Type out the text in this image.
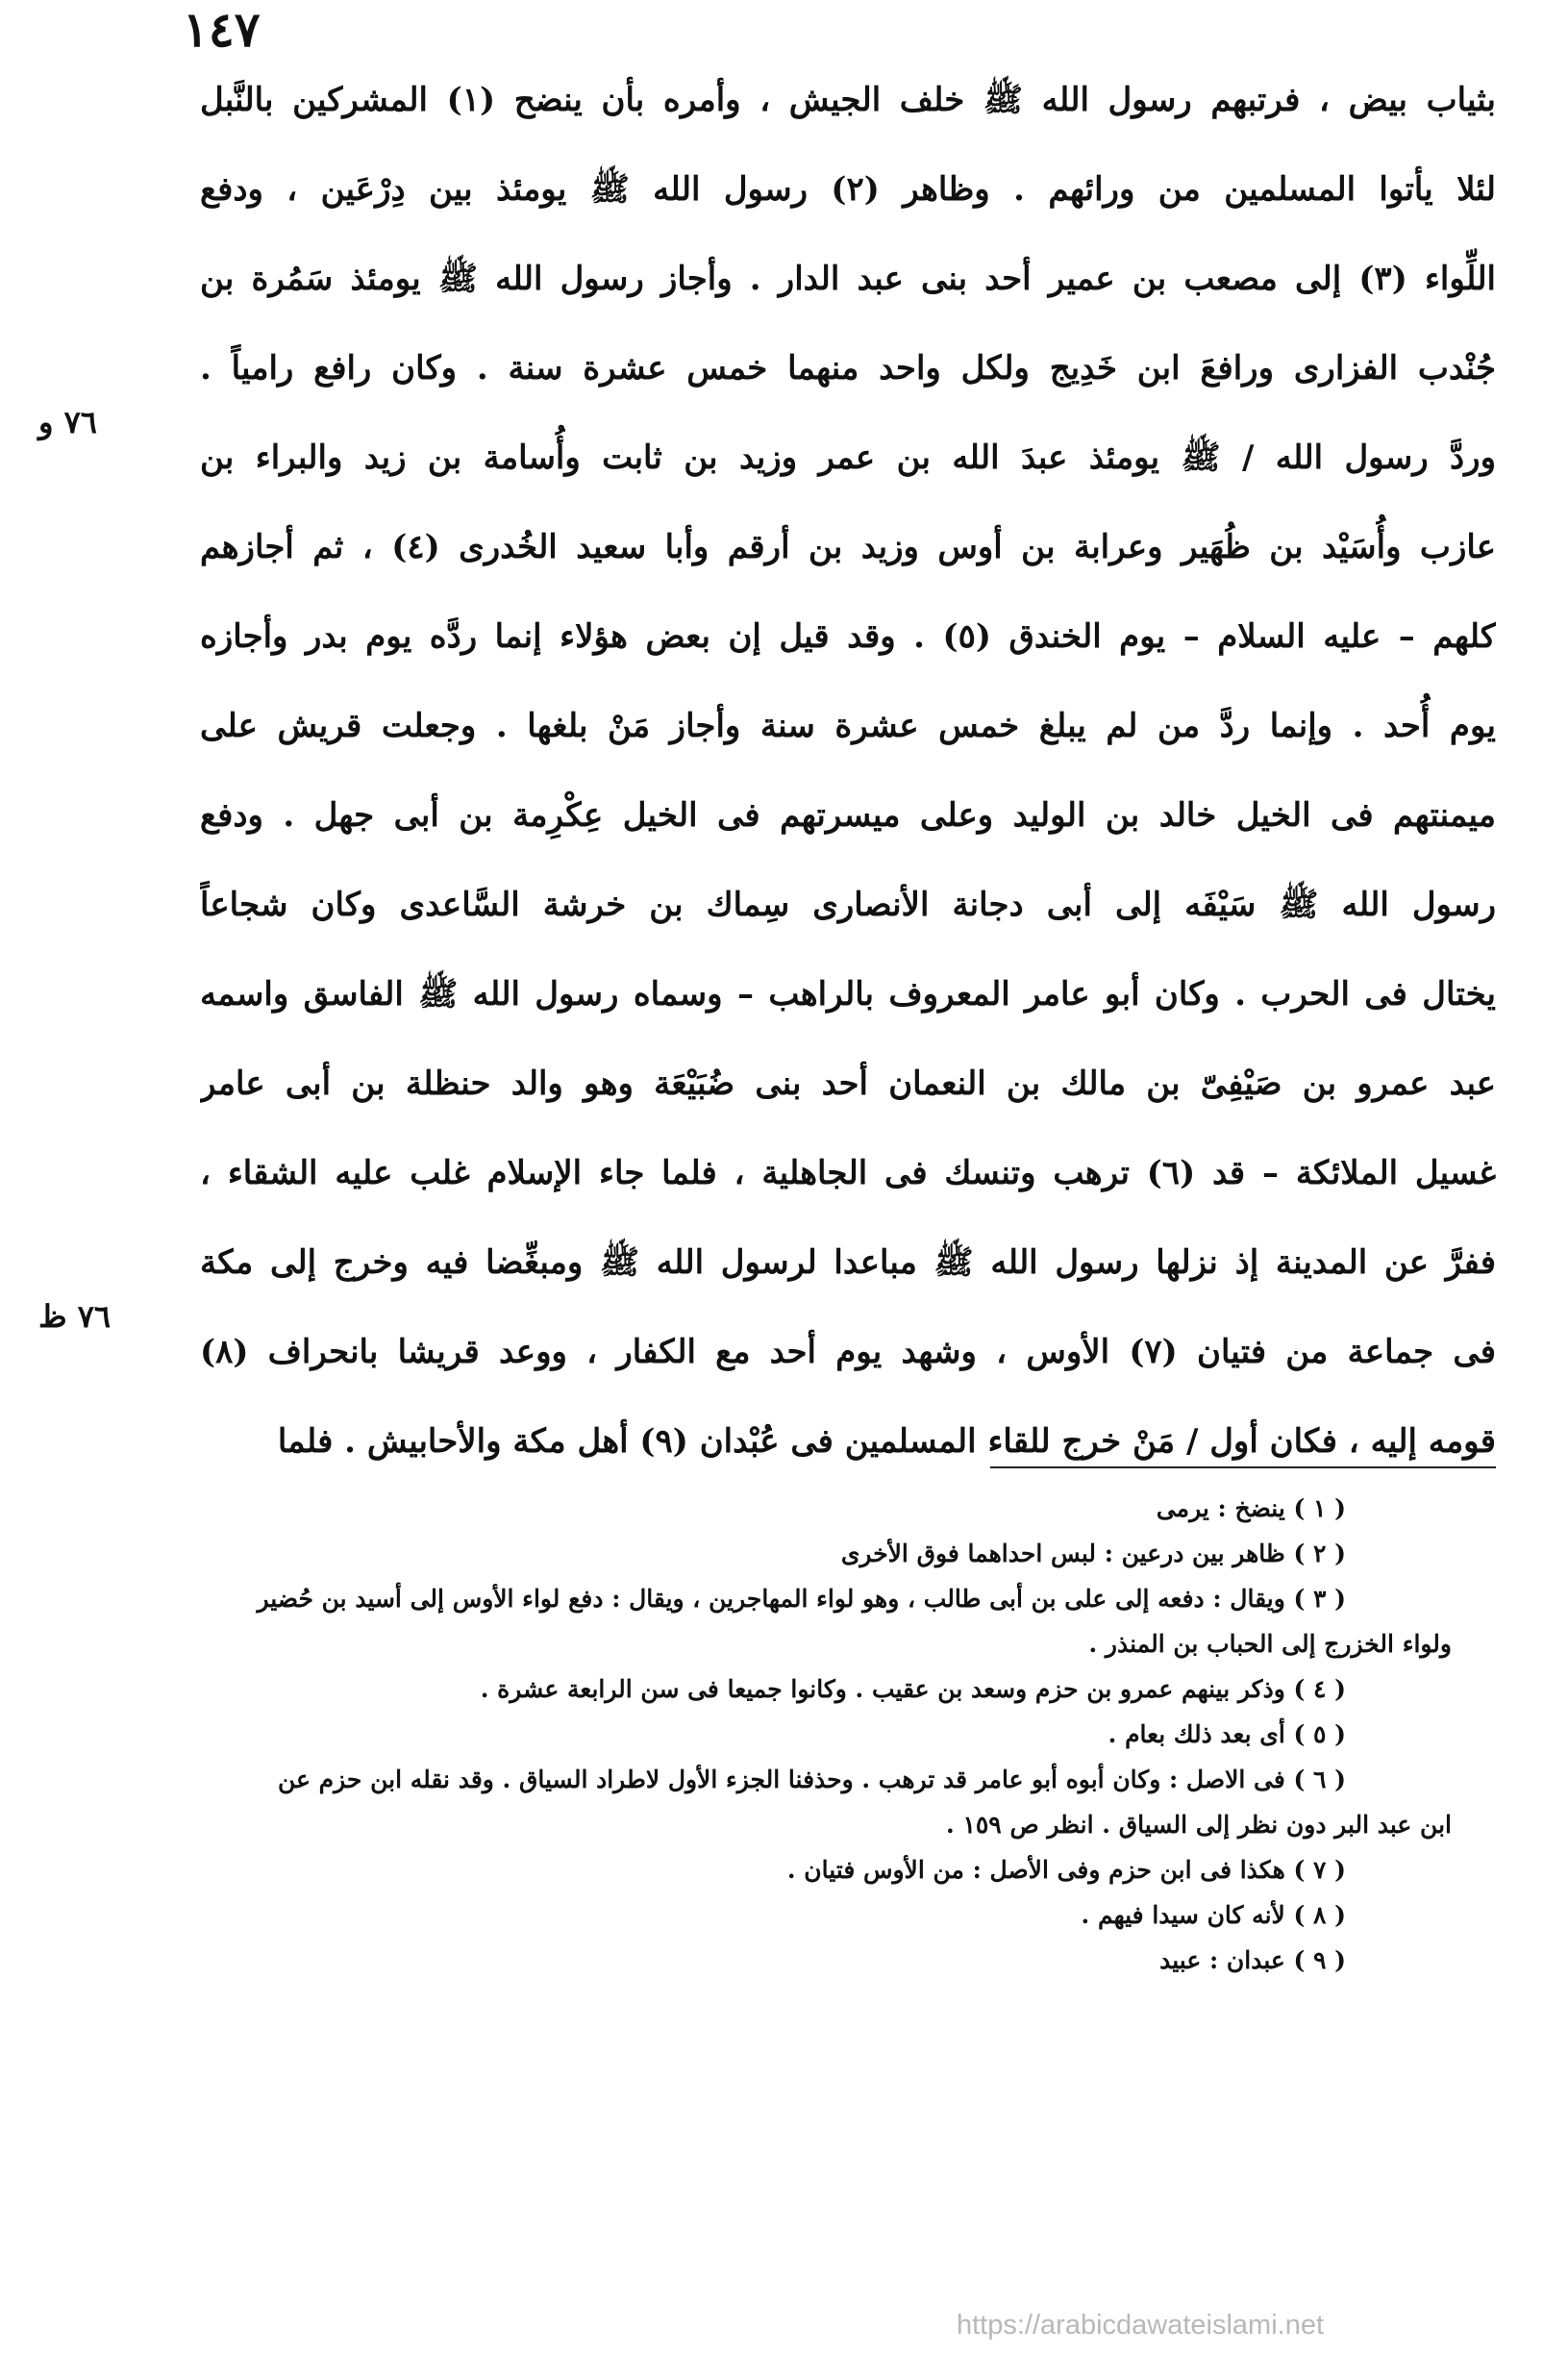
١٤٧
بثياب بيض ، فرتبهم رسول الله ﷺ خلف الجيش ، وأمره بأن ينضح (١) المشركين بالنَّبل
لئلا يأتوا المسلمين من ورائهم . وظاهر (٢) رسول الله ﷺ يومئذ بين دِرْعَين ، ودفع
اللِّواء (٣) إلى مصعب بن عمير أحد بنى عبد الدار . وأجاز رسول الله ﷺ يومئذ سَمُرة بن
جُنْدب الفزارى ورافعَ ابن خَدِيج ولكل واحد منهما خمس عشرة سنة . وكان رافع رامياً .
وردَّ رسول الله / ﷺ يومئذ عبدَ الله بن عمر وزيد بن ثابت وأُسامة بن زيد والبراء بن
عازب وأُسَيْد بن ظُهَير وعرابة بن أوس وزيد بن أرقم وأبا سعيد الخُدرى (٤) ، ثم أجازهم
كلهم – عليه السلام – يوم الخندق (٥) . وقد قيل إن بعض هؤلاء إنما ردَّه يوم بدر وأجازه
يوم أُحد . وإنما ردَّ من لم يبلغ خمس عشرة سنة وأجاز مَنْ بلغها . وجعلت قريش على
ميمنتهم فى الخيل خالد بن الوليد وعلى ميسرتهم فى الخيل عِكْرِمة بن أبى جهل . ودفع
رسول الله ﷺ سَيْفَه إلى أبى دجانة الأنصارى سِماك بن خرشة السَّاعدى وكان شجاعاً
يختال فى الحرب . وكان أبو عامر المعروف بالراهب – وسماه رسول الله ﷺ الفاسق واسمه
عبد عمرو بن صَيْفِىّ بن مالك بن النعمان أحد بنى ضُبَيْعَة وهو والد حنظلة بن أبى عامر
غسيل الملائكة – قد (٦) ترهب وتنسك فى الجاهلية ، فلما جاء الإسلام غلب عليه الشقاء ،
ففرَّ عن المدينة إذ نزلها رسول الله ﷺ مباعدا لرسول الله ﷺ ومبغِّضا فيه وخرج إلى مكة
فى جماعة من فتيان (٧) الأوس ، وشهد يوم أحد مع الكفار ، ووعد قريشا بانحراف (٨)
قومه إليه ، فكان أول / مَنْ خرج للقاء المسلمين فى عُبْدان (٩) أهل مكة والأحابيش . فلما
٧٦ و
٧٦ ظ
( ١ ) ينضخ : يرمى
( ٢ ) ظاهر بين درعين : لبس احداهما فوق الأخرى
( ٣ ) ويقال : دفعه إلى على بن أبى طالب ، وهو لواء المهاجرين ، ويقال : دفع لواء الأوس إلى أسيد بن حُضير
ولواء الخزرج إلى الحباب بن المنذر .
( ٤ ) وذكر بينهم عمرو بن حزم وسعد بن عقيب . وكانوا جميعا فى سن الرابعة عشرة .
( ٥ ) أى بعد ذلك بعام .
( ٦ ) فى الاصل : وكان أبوه أبو عامر قد ترهب . وحذفنا الجزء الأول لاطراد السياق . وقد نقله ابن حزم عن
ابن عبد البر دون نظر إلى السياق . انظر ص ١٥٩ .
( ٧ ) هكذا فى ابن حزم وفى الأصل : من الأوس فتيان .
( ٨ ) لأنه كان سيدا فيهم .
( ٩ ) عبدان : عبيد
https://arabicdawateislami.net
